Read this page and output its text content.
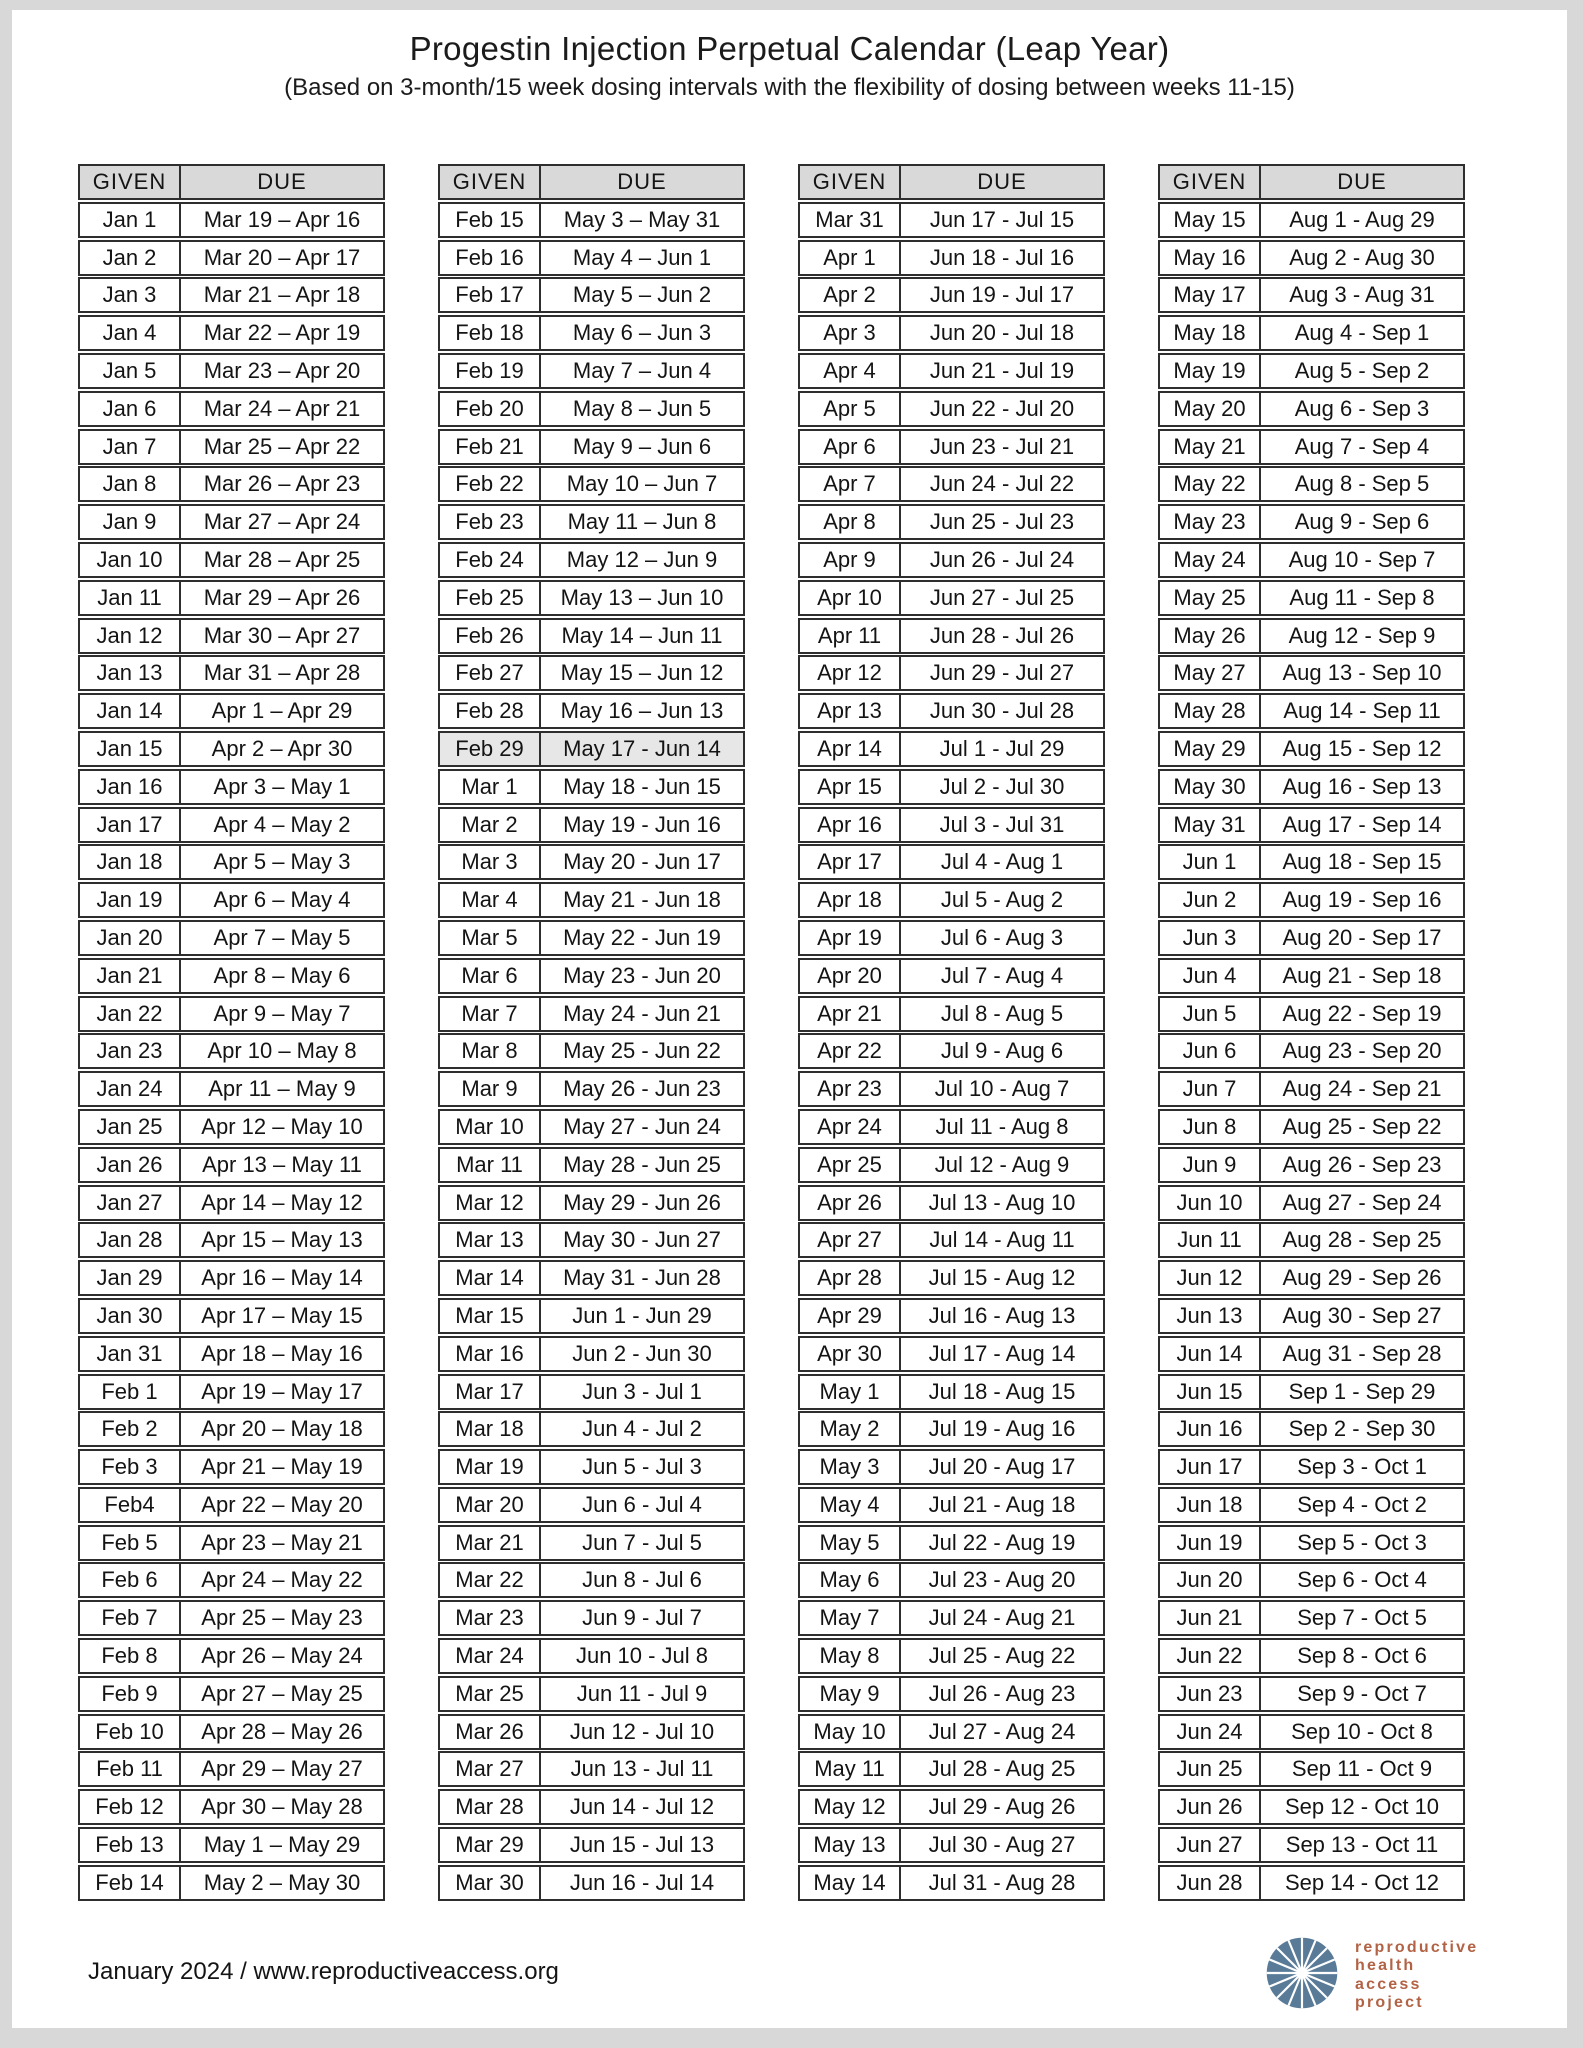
Progestin Injection Perpetual Calendar (Leap Year)
(Based on 3-month/15 week dosing intervals with the flexibility of dosing between weeks 11-15)
GIVEN	DUE
Jan 1	Mar 19 – Apr 16
Jan 2	Mar 20 – Apr 17
Jan 3	Mar 21 – Apr 18
Jan 4	Mar 22 – Apr 19
Jan 5	Mar 23 – Apr 20
Jan 6	Mar 24 – Apr 21
Jan 7	Mar 25 – Apr 22
Jan 8	Mar 26 – Apr 23
Jan 9	Mar 27 – Apr 24
Jan 10	Mar 28 – Apr 25
Jan 11	Mar 29 – Apr 26
Jan 12	Mar 30 – Apr 27
Jan 13	Mar 31 – Apr 28
Jan 14	Apr 1 – Apr 29
Jan 15	Apr 2 – Apr 30
Jan 16	Apr 3 – May 1
Jan 17	Apr 4 – May 2
Jan 18	Apr 5 – May 3
Jan 19	Apr 6 – May 4
Jan 20	Apr 7 – May 5
Jan 21	Apr 8 – May 6
Jan 22	Apr 9 – May 7
Jan 23	Apr 10 – May 8
Jan 24	Apr 11 – May 9
Jan 25	Apr 12 – May 10
Jan 26	Apr 13 – May 11
Jan 27	Apr 14 – May 12
Jan 28	Apr 15 – May 13
Jan 29	Apr 16 – May 14
Jan 30	Apr 17 – May 15
Jan 31	Apr 18 – May 16
Feb 1	Apr 19 – May 17
Feb 2	Apr 20 – May 18
Feb 3	Apr 21 – May 19
Feb4	Apr 22 – May 20
Feb 5	Apr 23 – May 21
Feb 6	Apr 24 – May 22
Feb 7	Apr 25 – May 23
Feb 8	Apr 26 – May 24
Feb 9	Apr 27 – May 25
Feb 10	Apr 28 – May 26
Feb 11	Apr 29 – May 27
Feb 12	Apr 30 – May 28
Feb 13	May 1 – May 29
Feb 14	May 2 – May 30
GIVEN	DUE
Feb 15	May 3 – May 31
Feb 16	May 4 – Jun 1
Feb 17	May 5 – Jun 2
Feb 18	May 6 – Jun 3
Feb 19	May 7 – Jun 4
Feb 20	May 8 – Jun 5
Feb 21	May 9 – Jun 6
Feb 22	May 10 – Jun 7
Feb 23	May 11 – Jun 8
Feb 24	May 12 – Jun 9
Feb 25	May 13 – Jun 10
Feb 26	May 14 – Jun 11
Feb 27	May 15 – Jun 12
Feb 28	May 16 – Jun 13
Feb 29	May 17 - Jun 14
Mar 1	May 18 - Jun 15
Mar 2	May 19 - Jun 16
Mar 3	May 20 - Jun 17
Mar 4	May 21 - Jun 18
Mar 5	May 22 - Jun 19
Mar 6	May 23 - Jun 20
Mar 7	May 24 - Jun 21
Mar 8	May 25 - Jun 22
Mar 9	May 26 - Jun 23
Mar 10	May 27 - Jun 24
Mar 11	May 28 - Jun 25
Mar 12	May 29 - Jun 26
Mar 13	May 30 - Jun 27
Mar 14	May 31 - Jun 28
Mar 15	Jun 1 - Jun 29
Mar 16	Jun 2 - Jun 30
Mar 17	Jun 3 - Jul 1
Mar 18	Jun 4 - Jul 2
Mar 19	Jun 5 - Jul 3
Mar 20	Jun 6 - Jul 4
Mar 21	Jun 7 - Jul 5
Mar 22	Jun 8 - Jul 6
Mar 23	Jun 9 - Jul 7
Mar 24	Jun 10 - Jul 8
Mar 25	Jun 11 - Jul 9
Mar 26	Jun 12 - Jul 10
Mar 27	Jun 13 - Jul 11
Mar 28	Jun 14 - Jul 12
Mar 29	Jun 15 - Jul 13
Mar 30	Jun 16 - Jul 14
GIVEN	DUE
Mar 31	Jun 17 - Jul 15
Apr 1	Jun 18 - Jul 16
Apr 2	Jun 19 - Jul 17
Apr 3	Jun 20 - Jul 18
Apr 4	Jun 21 - Jul 19
Apr 5	Jun 22 - Jul 20
Apr 6	Jun 23 - Jul 21
Apr 7	Jun 24 - Jul 22
Apr 8	Jun 25 - Jul 23
Apr 9	Jun 26 - Jul 24
Apr 10	Jun 27 - Jul 25
Apr 11	Jun 28 - Jul 26
Apr 12	Jun 29 - Jul 27
Apr 13	Jun 30 - Jul 28
Apr 14	Jul 1 - Jul 29
Apr 15	Jul 2 - Jul 30
Apr 16	Jul 3 - Jul 31
Apr 17	Jul 4 - Aug 1
Apr 18	Jul 5 - Aug 2
Apr 19	Jul 6 - Aug 3
Apr 20	Jul 7 - Aug 4
Apr 21	Jul 8 - Aug 5
Apr 22	Jul 9 - Aug 6
Apr 23	Jul 10 - Aug 7
Apr 24	Jul 11 - Aug 8
Apr 25	Jul 12 - Aug 9
Apr 26	Jul 13 - Aug 10
Apr 27	Jul 14 - Aug 11
Apr 28	Jul 15 - Aug 12
Apr 29	Jul 16 - Aug 13
Apr 30	Jul 17 - Aug 14
May 1	Jul 18 - Aug 15
May 2	Jul 19 - Aug 16
May 3	Jul 20 - Aug 17
May 4	Jul 21 - Aug 18
May 5	Jul 22 - Aug 19
May 6	Jul 23 - Aug 20
May 7	Jul 24 - Aug 21
May 8	Jul 25 - Aug 22
May 9	Jul 26 - Aug 23
May 10	Jul 27 - Aug 24
May 11	Jul 28 - Aug 25
May 12	Jul 29 - Aug 26
May 13	Jul 30 - Aug 27
May 14	Jul 31 - Aug 28
GIVEN	DUE
May 15	Aug 1 - Aug 29
May 16	Aug 2 - Aug 30
May 17	Aug 3 - Aug 31
May 18	Aug 4 - Sep 1
May 19	Aug 5 - Sep 2
May 20	Aug 6 - Sep 3
May 21	Aug 7 - Sep 4
May 22	Aug 8 - Sep 5
May 23	Aug 9 - Sep 6
May 24	Aug 10 - Sep 7
May 25	Aug 11 - Sep 8
May 26	Aug 12 - Sep 9
May 27	Aug 13 - Sep 10
May 28	Aug 14 - Sep 11
May 29	Aug 15 - Sep 12
May 30	Aug 16 - Sep 13
May 31	Aug 17 - Sep 14
Jun 1	Aug 18 - Sep 15
Jun 2	Aug 19 - Sep 16
Jun 3	Aug 20 - Sep 17
Jun 4	Aug 21 - Sep 18
Jun 5	Aug 22 - Sep 19
Jun 6	Aug 23 - Sep 20
Jun 7	Aug 24 - Sep 21
Jun 8	Aug 25 - Sep 22
Jun 9	Aug 26 - Sep 23
Jun 10	Aug 27 - Sep 24
Jun 11	Aug 28 - Sep 25
Jun 12	Aug 29 - Sep 26
Jun 13	Aug 30 - Sep 27
Jun 14	Aug 31 - Sep 28
Jun 15	Sep 1 - Sep 29
Jun 16	Sep 2 - Sep 30
Jun 17	Sep 3 - Oct 1
Jun 18	Sep 4 - Oct 2
Jun 19	Sep 5 - Oct 3
Jun 20	Sep 6 - Oct 4
Jun 21	Sep 7 - Oct 5
Jun 22	Sep 8 - Oct 6
Jun 23	Sep 9 - Oct 7
Jun 24	Sep 10 - Oct 8
Jun 25	Sep 11 - Oct 9
Jun 26	Sep 12 - Oct 10
Jun 27	Sep 13 - Oct 11
Jun 28	Sep 14 - Oct 12
January 2024 / www.reproductiveaccess.org
reproductive
health
access
project
